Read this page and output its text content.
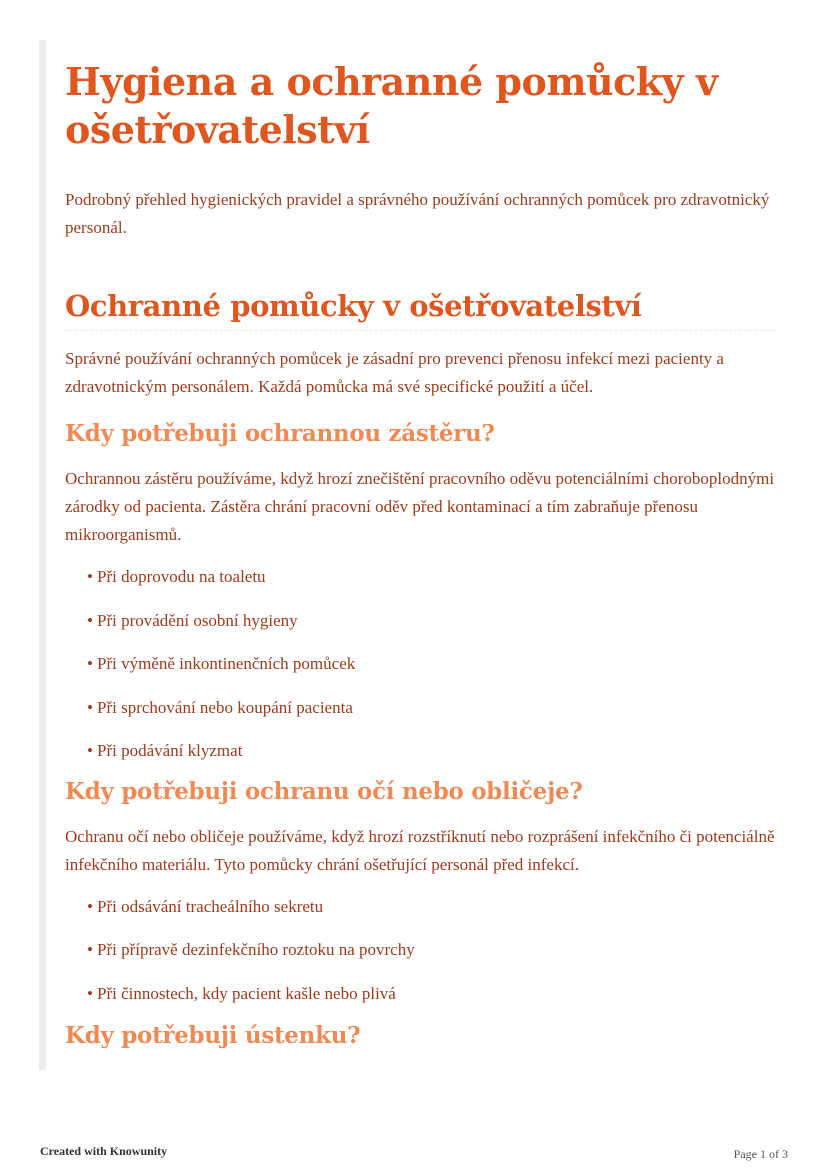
Hygiena a ochranné pomůcky v ošetřovatelství

Podrobný přehled hygienických pravidel a správného používání ochranných pomůcek pro zdravotnický personál.

Ochranné pomůcky v ošetřovatelství

Správné používání ochranných pomůcek je zásadní pro prevenci přenosu infekcí mezi pacienty a zdravotnickým personálem. Každá pomůcka má své specifické použití a účel.

Kdy potřebuji ochrannou zástěru?

Ochrannou zástěru používáme, když hrozí znečištění pracovního oděvu potenciálními choroboplodnými zárodky od pacienta. Zástěra chrání pracovní oděv před kontaminací a tím zabraňuje přenosu mikroorganismů.

• Při doprovodu na toaletu
• Při provádění osobní hygieny
• Při výměně inkontinenčních pomůcek
• Při sprchování nebo koupání pacienta
• Při podávání klyzmat
Kdy potřebuji ochranu očí nebo obličeje?

Ochranu očí nebo obličeje používáme, když hrozí rozstříknutí nebo rozprášení infekčního či potenciálně infekčního materiálu. Tyto pomůcky chrání ošetřující personál před infekcí.

• Při odsávání tracheálního sekretu
• Při přípravě dezinfekčního roztoku na povrchy
• Při činnostech, kdy pacient kašle nebo plivá
Kdy potřebuji ústenku?
Created with Knowunity	Page 1 of 3
